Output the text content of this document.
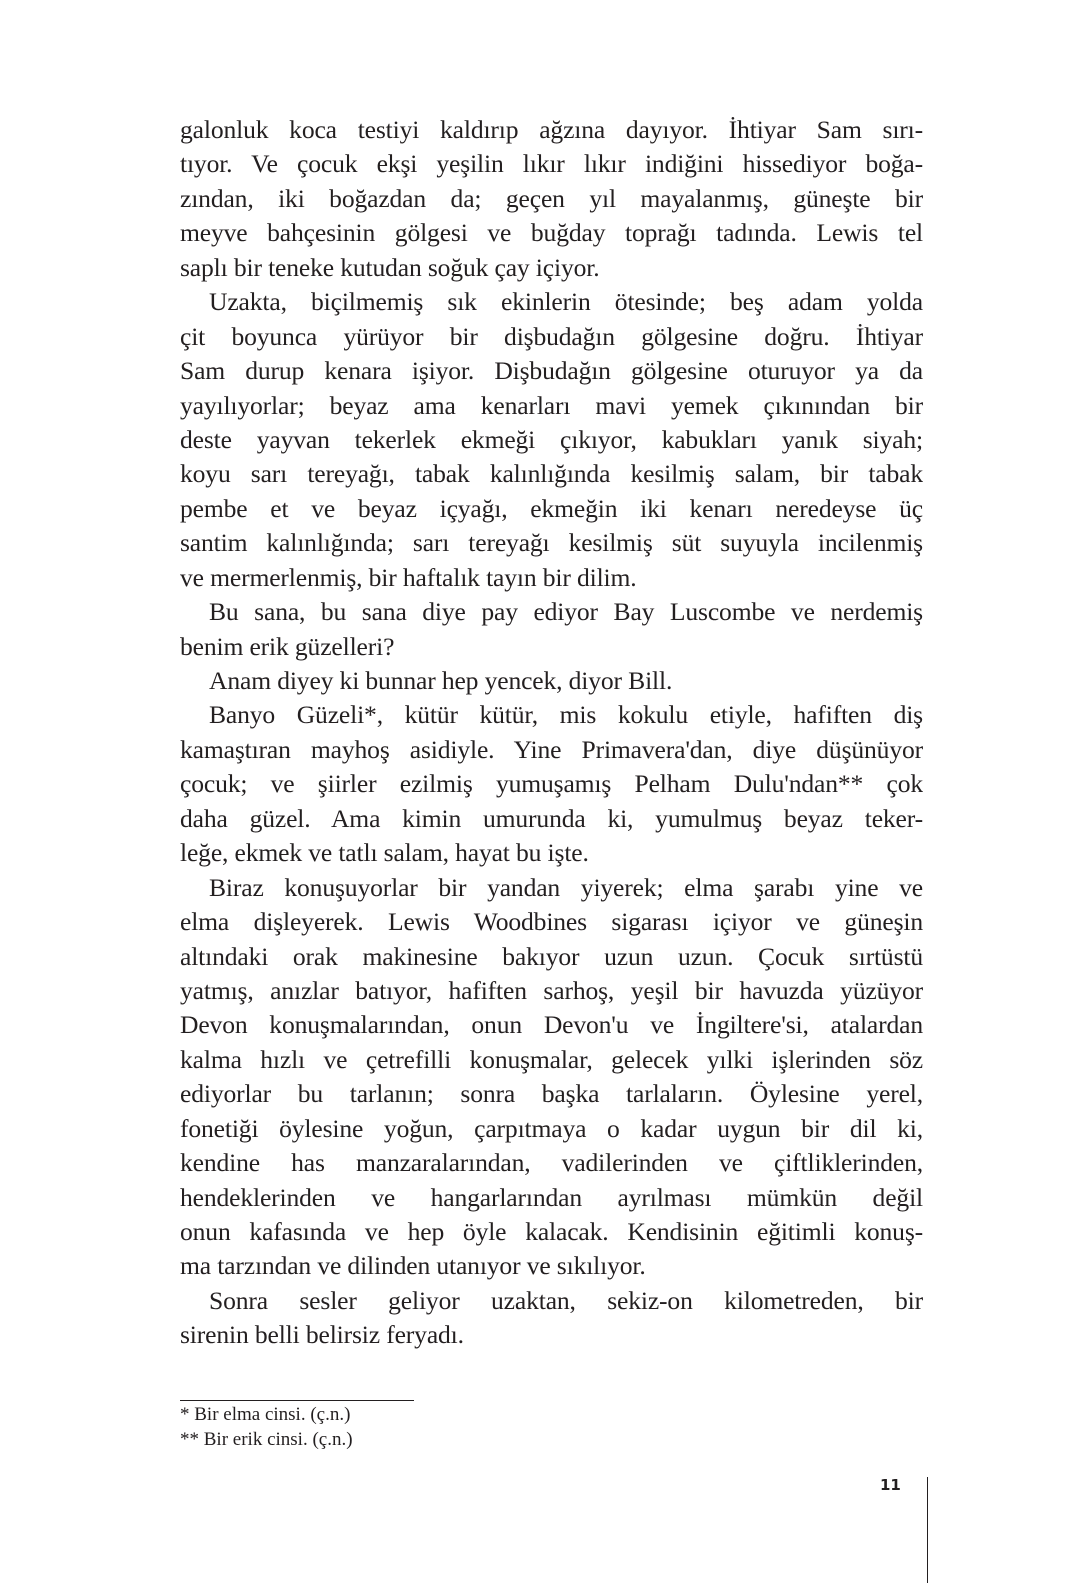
galonluk koca testiyi kaldırıp ağzına dayıyor. İhtiyar Sam sırı-
tıyor. Ve çocuk ekşi yeşilin lıkır lıkır indiğini hissediyor boğa-
zından, iki boğazdan da; geçen yıl mayalanmış, güneşte bir
meyve bahçesinin gölgesi ve buğday toprağı tadında. Lewis tel
saplı bir teneke kutudan soğuk çay içiyor.
Uzakta, biçilmemiş sık ekinlerin ötesinde; beş adam yolda
çit boyunca yürüyor bir dişbudağın gölgesine doğru. İhtiyar
Sam durup kenara işiyor. Dişbudağın gölgesine oturuyor ya da
yayılıyorlar; beyaz ama kenarları mavi yemek çıkınından bir
deste yayvan tekerlek ekmeği çıkıyor, kabukları yanık siyah;
koyu sarı tereyağı, tabak kalınlığında kesilmiş salam, bir tabak
pembe et ve beyaz içyağı, ekmeğin iki kenarı neredeyse üç
santim kalınlığında; sarı tereyağı kesilmiş süt suyuyla incilenmiş
ve mermerlenmiş, bir haftalık tayın bir dilim.
Bu sana, bu sana diye pay ediyor Bay Luscombe ve nerdemiş
benim erik güzelleri?
Anam diyey ki bunnar hep yencek, diyor Bill.
Banyo Güzeli*, kütür kütür, mis kokulu etiyle, hafiften diş
kamaştıran mayhoş asidiyle. Yine Primavera'dan, diye düşünüyor
çocuk; ve şiirler ezilmiş yumuşamış Pelham Dulu'ndan** çok
daha güzel. Ama kimin umurunda ki, yumulmuş beyaz teker-
leğe, ekmek ve tatlı salam, hayat bu işte.
Biraz konuşuyorlar bir yandan yiyerek; elma şarabı yine ve
elma dişleyerek. Lewis Woodbines sigarası içiyor ve güneşin
altındaki orak makinesine bakıyor uzun uzun. Çocuk sırtüstü
yatmış, anızlar batıyor, hafiften sarhoş, yeşil bir havuzda yüzüyor
Devon konuşmalarından, onun Devon'u ve İngiltere'si, atalardan
kalma hızlı ve çetrefilli konuşmalar, gelecek yılki işlerinden söz
ediyorlar bu tarlanın; sonra başka tarlaların. Öylesine yerel,
fonetiği öylesine yoğun, çarpıtmaya o kadar uygun bir dil ki,
kendine has manzaralarından, vadilerinden ve çiftliklerinden,
hendeklerinden ve hangarlarından ayrılması mümkün değil
onun kafasında ve hep öyle kalacak. Kendisinin eğitimli konuş-
ma tarzından ve dilinden utanıyor ve sıkılıyor.
Sonra sesler geliyor uzaktan, sekiz-on kilometreden, bir
sirenin belli belirsiz feryadı.
* Bir elma cinsi. (ç.n.)
** Bir erik cinsi. (ç.n.)
11
